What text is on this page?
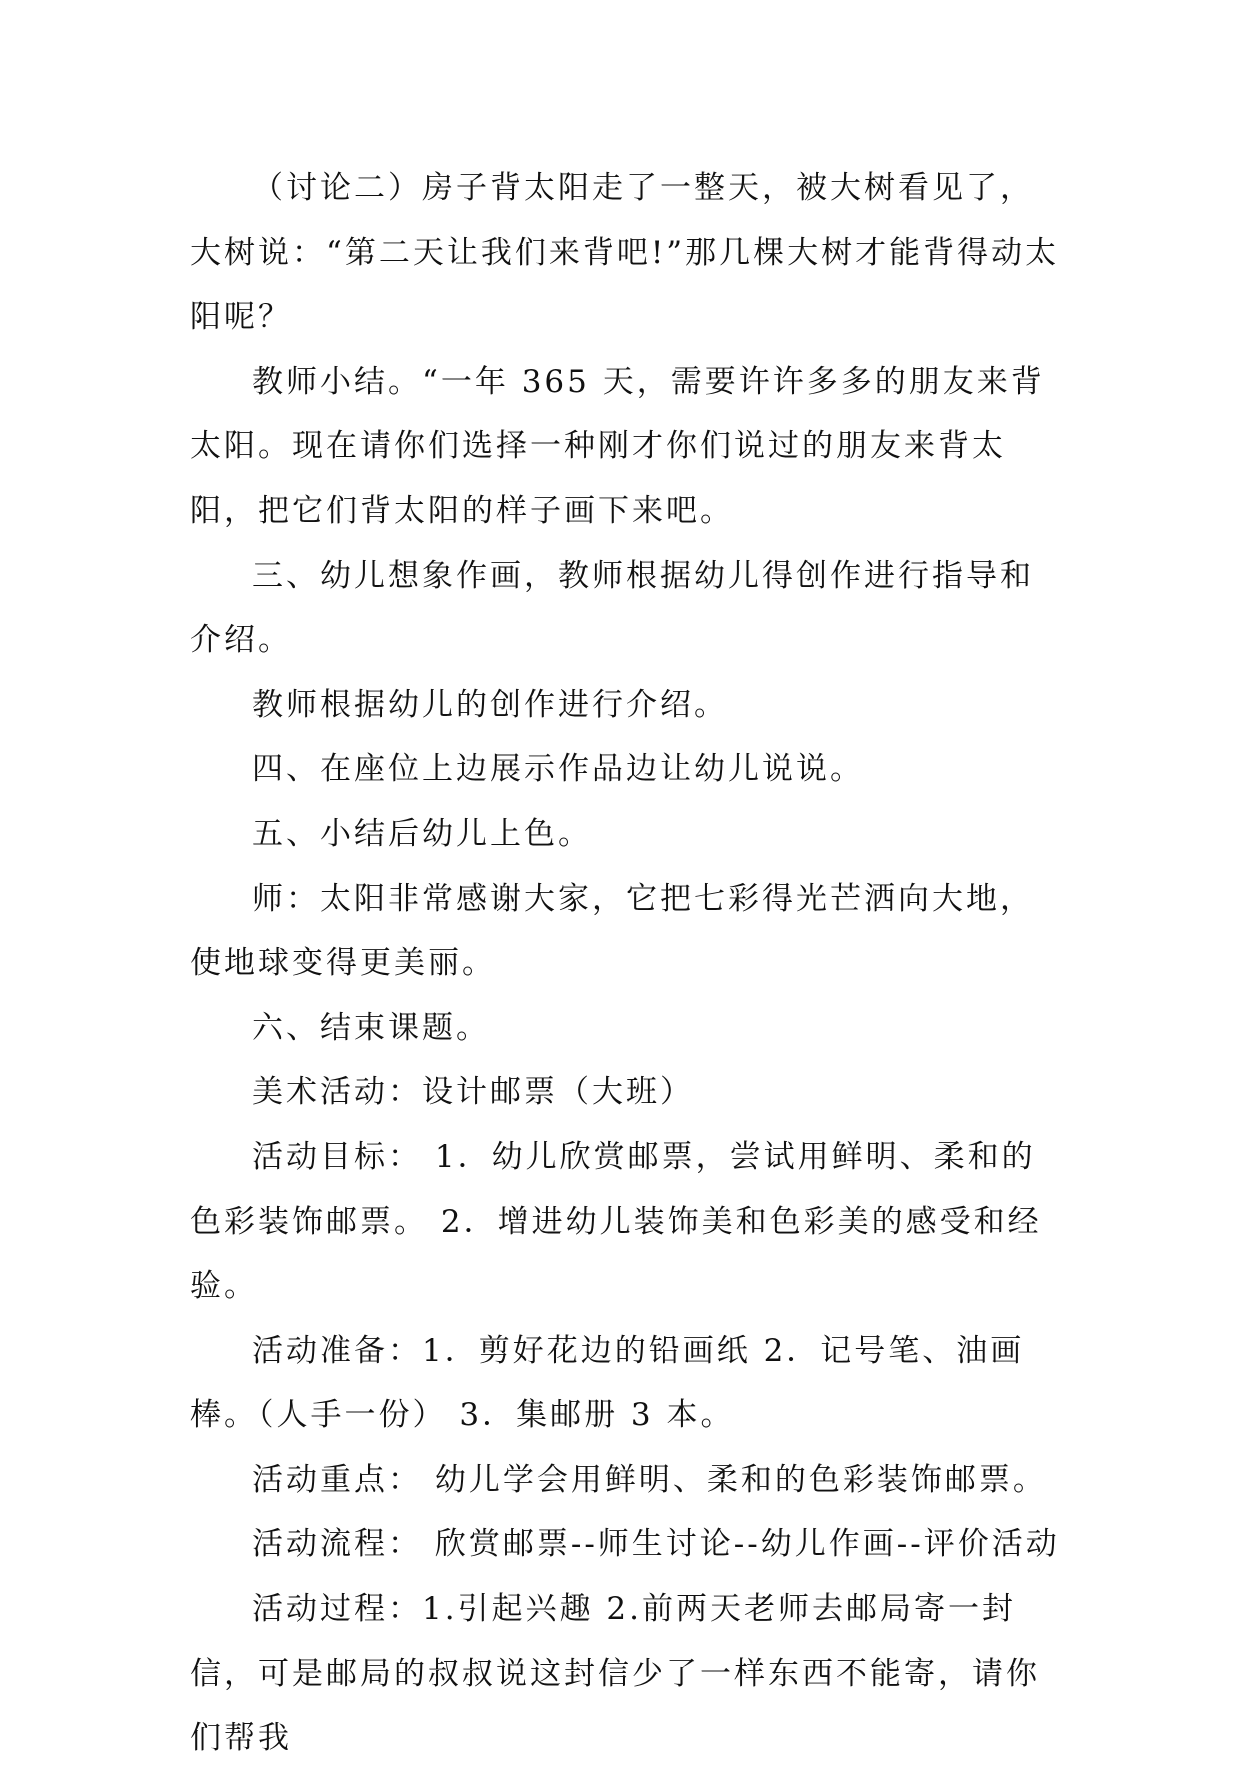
（讨论二）房子背太阳走了一整天，被大树看见了，大树说：“第二天让我们来背吧!”那几棵大树才能背得动太阳呢？

教师小结。“一年 365 天，需要许许多多的朋友来背太阳。现在请你们选择一种刚才你们说过的朋友来背太阳，把它们背太阳的样子画下来吧。

三、幼儿想象作画，教师根据幼儿得创作进行指导和介绍。

教师根据幼儿的创作进行介绍。

四、在座位上边展示作品边让幼儿说说。

五、小结后幼儿上色。

师：太阳非常感谢大家，它把七彩得光芒洒向大地，使地球变得更美丽。

六、结束课题。

美术活动：设计邮票（大班）

活动目标： 1．幼儿欣赏邮票，尝试用鲜明、柔和的色彩装饰邮票。 2．增进幼儿装饰美和色彩美的感受和经验。

活动准备：1．剪好花边的铅画纸 2．记号笔、油画棒。（人手一份） 3．集邮册 3 本。

活动重点： 幼儿学会用鲜明、柔和的色彩装饰邮票。

活动流程： 欣赏邮票--师生讨论--幼儿作画--评价活动

活动过程：1.引起兴趣 2.前两天老师去邮局寄一封信，可是邮局的叔叔说这封信少了一样东西不能寄，请你们帮我
